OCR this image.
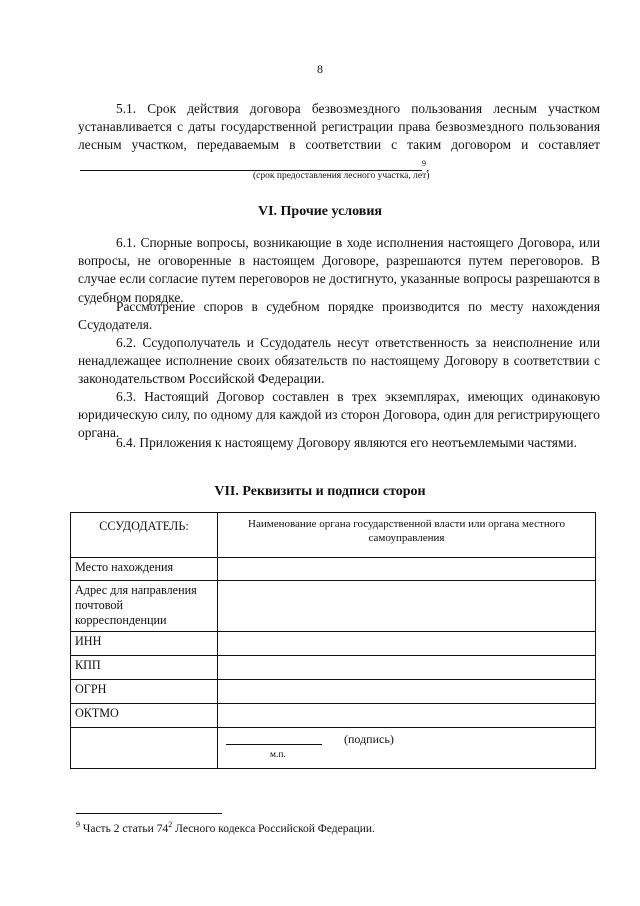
8

5.1. Срок действия договора безвозмездного пользования лесным участком устанавливается с даты государственной регистрации права безвозмездного пользования лесным участком, передаваемым в соответствии с таким договором и составляет $^9$.

(срок предоставления лесного участка, лет)
VI. Прочие условия

6.1. Спорные вопросы, возникающие в ходе исполнения настоящего Договора, или вопросы, не оговоренные в настоящем Договоре, разрешаются путем переговоров. В случае если согласие путем переговоров не достигнуто, указанные вопросы разрешаются в судебном порядке.

Рассмотрение споров в судебном порядке производится по месту нахождения Ссудодателя.

6.2. Ссудополучатель и Ссудодатель несут ответственность за неисполнение или ненадлежащее исполнение своих обязательств по настоящему Договору в соответствии с законодательством Российской Федерации.

6.3. Настоящий Договор составлен в трех экземплярах, имеющих одинаковую юридическую силу, по одному для каждой из сторон Договора, один для регистрирующего органа.

6.4. Приложения к настоящему Договору являются его неотъемлемыми частями.

VII. Реквизиты и подписи сторон
ССУДОДАТЕЛЬ:	Наименование органа государственной власти или органа местного самоуправления
Место нахождения	
Адрес для направления почтовой корреспонденции	
ИНН	
КПП	
ОГРН	
ОКТМО	

	(подпись)
м.п.
$^9$ Часть 2 статьи $74^2$ Лесного кодекса Российской Федерации.
